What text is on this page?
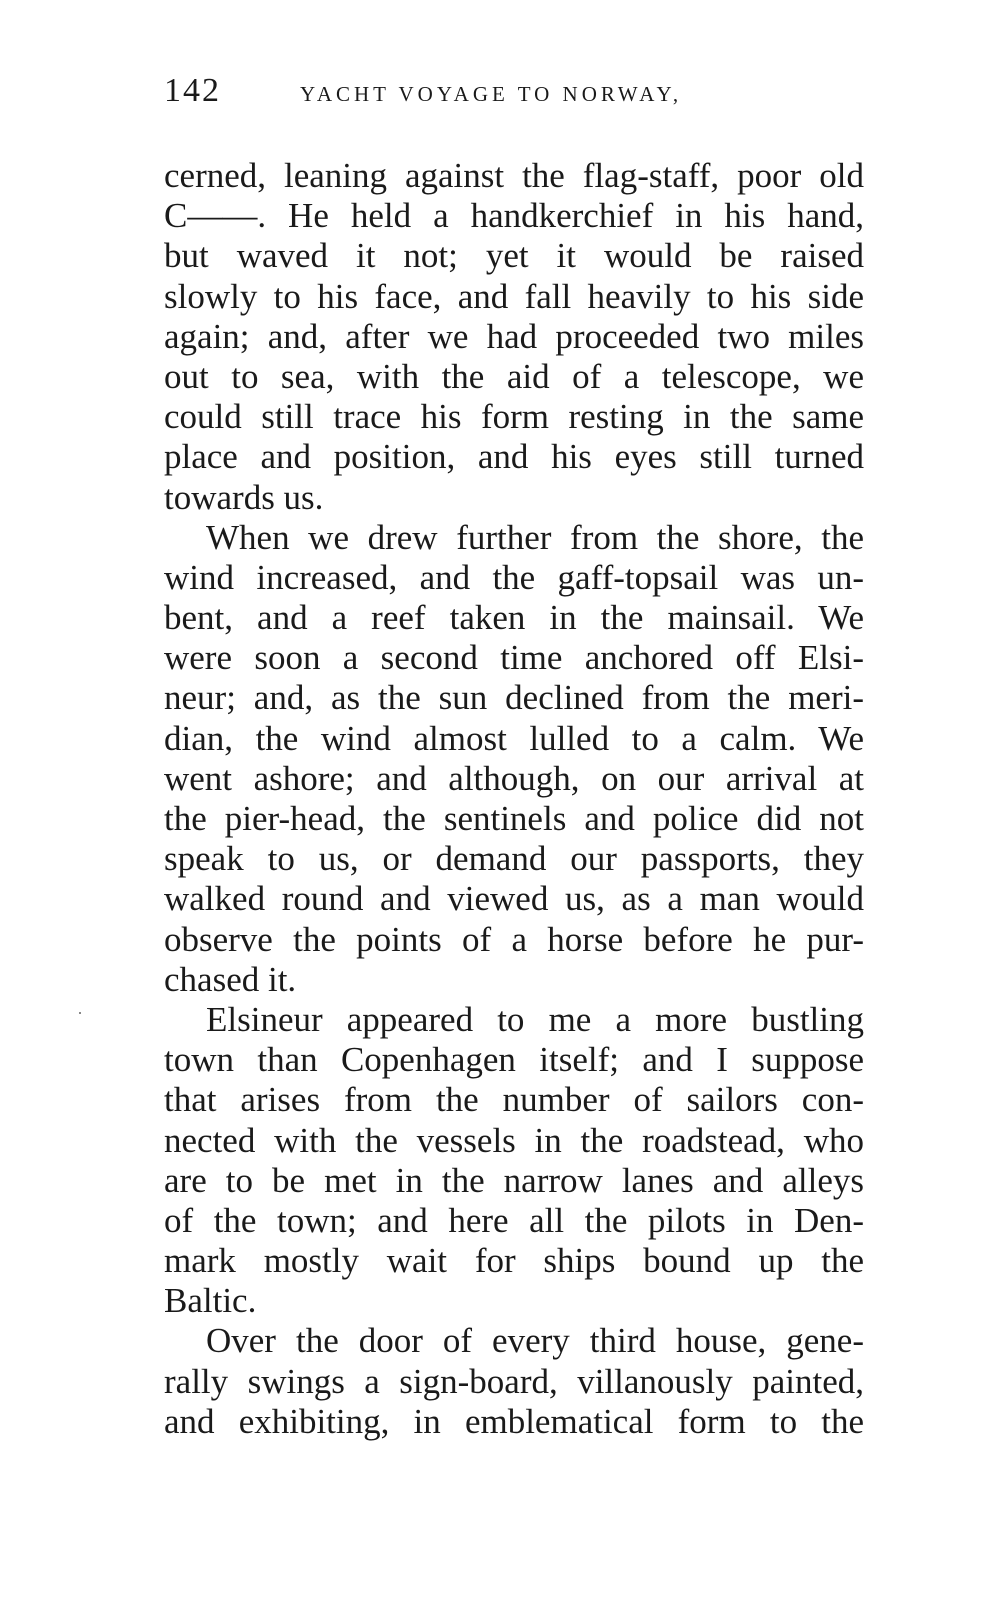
142	YACHT VOYAGE TO NORWAY,
cerned, leaning against the flag-staff, poor old
C——. He held a handkerchief in his hand,
but waved it not; yet it would be raised
slowly to his face, and fall heavily to his side
again; and, after we had proceeded two miles
out to sea, with the aid of a telescope, we
could still trace his form resting in the same
place and position, and his eyes still turned
towards us.
When we drew further from the shore, the
wind increased, and the gaff-topsail was un-
bent, and a reef taken in the mainsail. We
were soon a second time anchored off Elsi-
neur; and, as the sun declined from the meri-
dian, the wind almost lulled to a calm. We
went ashore; and although, on our arrival at
the pier-head, the sentinels and police did not
speak to us, or demand our passports, they
walked round and viewed us, as a man would
observe the points of a horse before he pur-
chased it.
Elsineur appeared to me a more bustling
town than Copenhagen itself; and I suppose
that arises from the number of sailors con-
nected with the vessels in the roadstead, who
are to be met in the narrow lanes and alleys
of the town; and here all the pilots in Den-
mark mostly wait for ships bound up the
Baltic.
Over the door of every third house, gene-
rally swings a sign-board, villanously painted,
and exhibiting, in emblematical form to the
